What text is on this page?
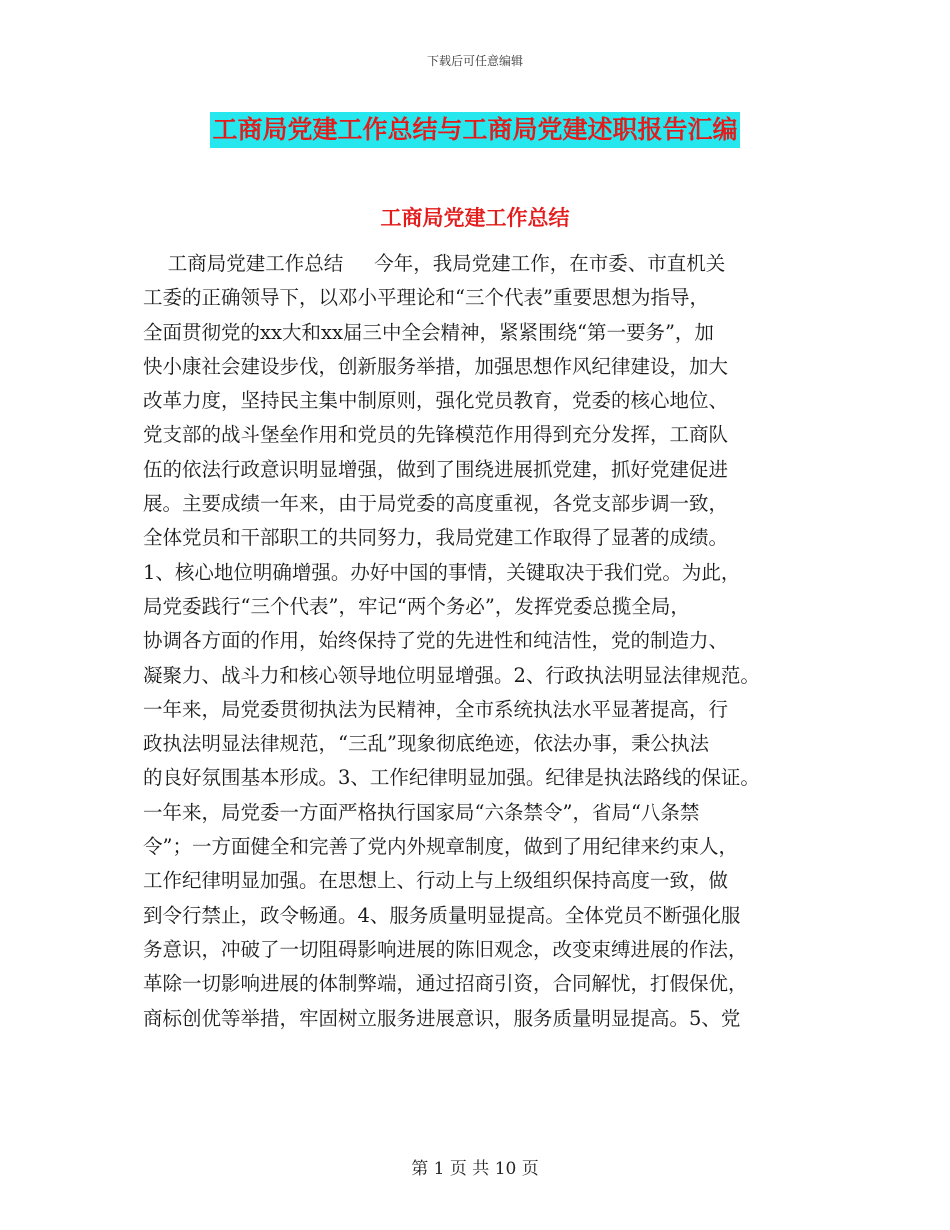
下载后可任意编辑
工商局党建工作总结与工商局党建述职报告汇编
工商局党建工作总结
工商局党建工作总结     今年，我局党建工作，在市委、市直机关
工委的正确领导下，以邓小平理论和“三个代表”重要思想为指导，
全面贯彻党的xx大和xx届三中全会精神，紧紧围绕“第一要务”，加
快小康社会建设步伐，创新服务举措，加强思想作风纪律建设，加大
改革力度，坚持民主集中制原则，强化党员教育，党委的核心地位、
党支部的战斗堡垒作用和党员的先锋模范作用得到充分发挥，工商队
伍的依法行政意识明显增强，做到了围绕进展抓党建，抓好党建促进
展。主要成绩一年来，由于局党委的高度重视，各党支部步调一致，
全体党员和干部职工的共同努力，我局党建工作取得了显著的成绩。
1、核心地位明确增强。办好中国的事情，关键取决于我们党。为此，
局党委践行“三个代表”，牢记“两个务必”，发挥党委总揽全局，
协调各方面的作用，始终保持了党的先进性和纯洁性，党的制造力、
凝聚力、战斗力和核心领导地位明显增强。2、行政执法明显法律规范。
一年来，局党委贯彻执法为民精神，全市系统执法水平显著提高，行
政执法明显法律规范，“三乱”现象彻底绝迹，依法办事，秉公执法
的良好氛围基本形成。3、工作纪律明显加强。纪律是执法路线的保证。
一年来，局党委一方面严格执行国家局“六条禁令”，省局“八条禁
令”；一方面健全和完善了党内外规章制度，做到了用纪律来约束人，
工作纪律明显加强。在思想上、行动上与上级组织保持高度一致，做
到令行禁止，政令畅通。4、服务质量明显提高。全体党员不断强化服
务意识，冲破了一切阻碍影响进展的陈旧观念，改变束缚进展的作法，
革除一切影响进展的体制弊端，通过招商引资，合同解忧，打假保优，
商标创优等举措，牢固树立服务进展意识，服务质量明显提高。5、党
第 1 页 共 10 页
